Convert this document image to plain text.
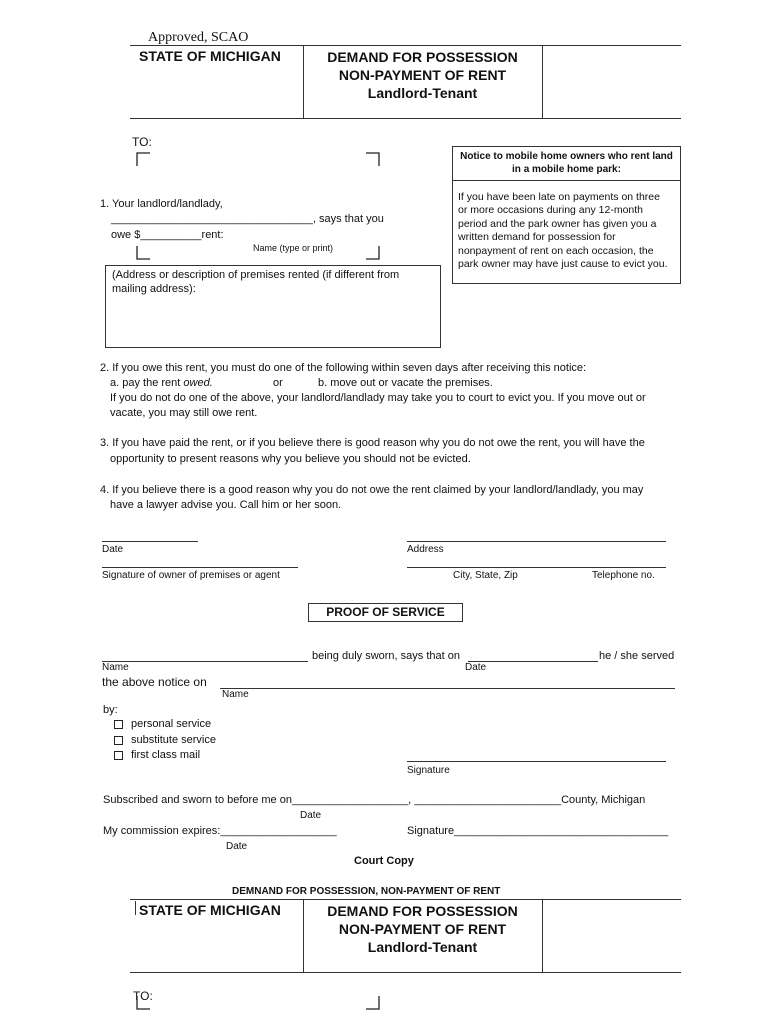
Approved, SCAO
STATE OF MICHIGAN	DEMAND FOR POSSESSION
NON-PAYMENT OF RENT
Landlord-Tenant
TO:
Notice to mobile home owners who rent land in a mobile home park:
If you have been late on payments on three or more occasions during any 12-month period and the park owner has given you a written demand for possession for nonpayment of rent on each occasion, the park owner may have just cause to evict you.
1. Your landlord/landlady,
_________________________________, says that you
owe $__________rent:
Name (type or print)
(Address or description of premises rented (if different from mailing address):
2. If you owe this rent, you must do one of the following within seven days after receiving this notice:
a. pay the rent owed.	or	b. move out or vacate the premises.
If you do not do one of the above, your landlord/landlady may take you to court to evict you. If you move out or
vacate, you may still owe rent.
3. If you have paid the rent, or if you believe there is good reason why you do not owe the rent, you will have the
opportunity to present reasons why you believe you should not be evicted.
4. If you believe there is a good reason why you do not owe the rent claimed by your landlord/landlady, you may
have a lawyer advise you. Call him or her soon.
Date	Address
Signature of owner of premises or agent	City, State, Zip	Telephone no.
PROOF OF SERVICE
being duly sworn, says that on	he / she served
Name	Date
the above notice on
Name
by:
personal service
substitute service
first class mail
Signature
Subscribed and sworn to before me on___________________, ________________________County, Michigan
Date
My commission expires:___________________	Signature___________________________________
Date
Court Copy
DEMNAND FOR POSSESSION, NON-PAYMENT OF RENT
STATE OF MICHIGAN	DEMAND FOR POSSESSION
NON-PAYMENT OF RENT
Landlord-Tenant
TO:
